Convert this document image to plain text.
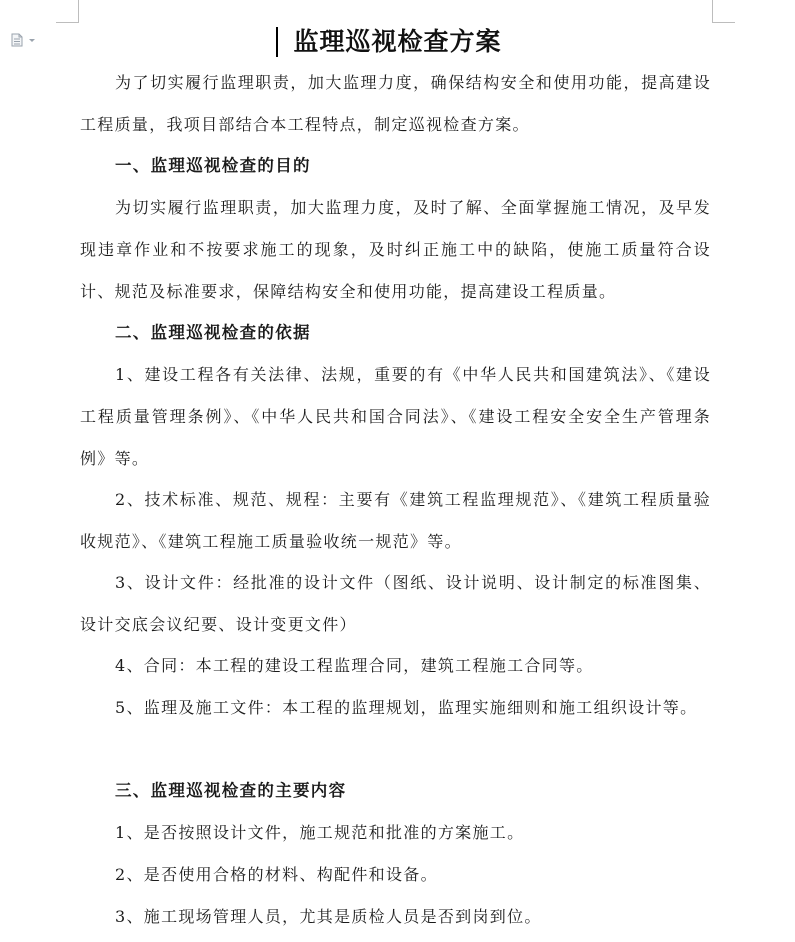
监理巡视检查方案

为了切实履行监理职责，加大监理力度，确保结构安全和使用功能，提高建设工程质量，我项目部结合本工程特点，制定巡视检查方案。

一、监理巡视检查的目的

为切实履行监理职责，加大监理力度，及时了解、全面掌握施工情况，及早发现违章作业和不按要求施工的现象，及时纠正施工中的缺陷，使施工质量符合设计、规范及标准要求，保障结构安全和使用功能，提高建设工程质量。

二、监理巡视检查的依据

1、建设工程各有关法律、法规，重要的有《中华人民共和国建筑法》、《建设工程质量管理条例》、《中华人民共和国合同法》、《建设工程安全安全生产管理条例》等。

2、技术标准、规范、规程：主要有《建筑工程监理规范》、《建筑工程质量验收规范》、《建筑工程施工质量验收统一规范》等。

3、设计文件：经批准的设计文件（图纸、设计说明、设计制定的标准图集、设计交底会议纪要、设计变更文件）

4、合同：本工程的建设工程监理合同，建筑工程施工合同等。

5、监理及施工文件：本工程的监理规划，监理实施细则和施工组织设计等。

三、监理巡视检查的主要内容

1、是否按照设计文件，施工规范和批准的方案施工。

2、是否使用合格的材料、构配件和设备。

3、施工现场管理人员，尤其是质检人员是否到岗到位。
